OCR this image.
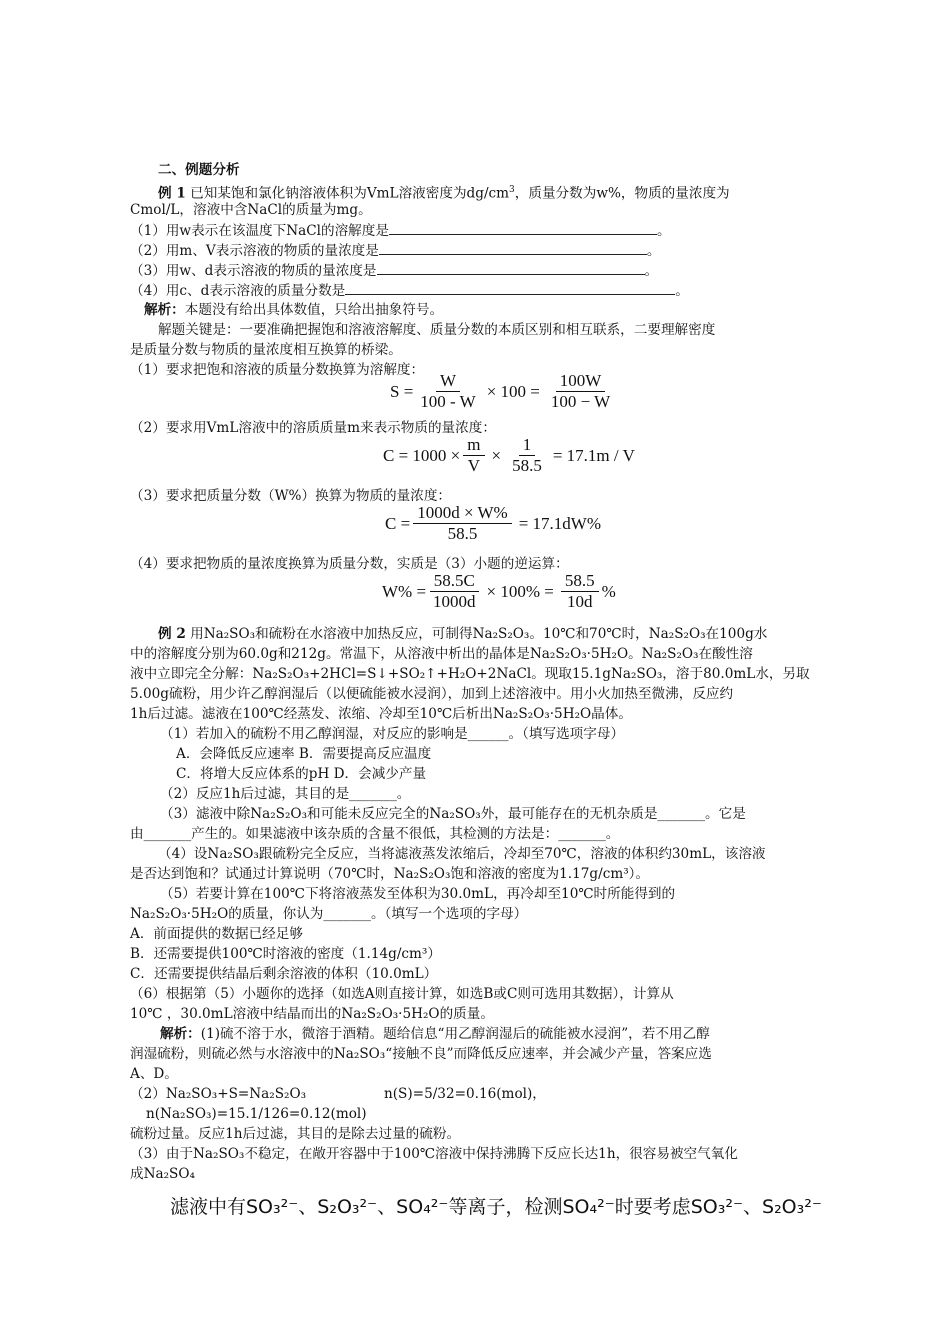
二、例题分析
例 1 已知某饱和氯化钠溶液体积为VmL溶液密度为$dg/cm^3$，质量分数为w%，物质的量浓度为
Cmol/L，溶液中含NaCl的质量为mg。
（1）用w表示在该温度下NaCl的溶解度是	。
（2）用m、V表示溶液的物质的量浓度是	。
（3）用w、d表示溶液的物质的量浓度是	。
（4）用c、d表示溶液的质量分数是	。
解析：本题没有给出具体数值，只给出抽象符号。
解题关键是：一要准确把握饱和溶液溶解度、质量分数的本质区别和相互联系，二要理解密度
是质量分数与物质的量浓度相互换算的桥梁。
（1）要求把饱和溶液的质量分数换算为溶解度：
$S = \frac{W}{100 - W} \times 100 = \frac{100W}{100 - W}$
（2）要求用VmL溶液中的溶质质量m来表示物质的量浓度：
$C = 1000 \times \frac{m}{V} \times \frac{1}{58.5} = 17.1m / V$
（3）要求把质量分数（W%）换算为物质的量浓度：
$C = \frac{1000d \times W\%}{58.5} = 17.1dW\%$
（4）要求把物质的量浓度换算为质量分数，实质是（3）小题的逆运算：
$W\% = \frac{58.5C}{1000d} \times 100\% = \frac{58.5}{10d}$ %
例 2 用Na₂SO₃和硫粉在水溶液中加热反应，可制得Na₂S₂O₃。10℃和70℃时，Na₂S₂O₃在100g水
中的溶解度分别为60.0g和212g。常温下，从溶液中析出的晶体是Na₂S₂O₃·5H₂O。Na₂S₂O₃在酸性溶
液中立即完全分解：Na₂S₂O₃+2HCl=S↓+SO₂↑+H₂O+2NaCl。现取15.1gNa₂SO₃，溶于80.0mL水，另取
5.00g硫粉，用少许乙醇润湿后（以便硫能被水浸润），加到上述溶液中。用小火加热至微沸，反应约
1h后过滤。滤液在100℃经蒸发、浓缩、冷却至10℃后析出Na₂S₂O₃·5H₂O晶体。
（1）若加入的硫粉不用乙醇润湿，对反应的影响是______。（填写选项字母）
A．会降低反应速率 B．需要提高反应温度
C．将增大反应体系的pH D．会减少产量
（2）反应1h后过滤，其目的是_______。
（3）滤液中除Na₂S₂O₃和可能未反应完全的Na₂SO₃外，最可能存在的无机杂质是_______。它是
由_______产生的。如果滤液中该杂质的含量不很低，其检测的方法是：_______。
（4）设Na₂SO₃跟硫粉完全反应，当将滤液蒸发浓缩后，冷却至70℃，溶液的体积约30mL，该溶液
是否达到饱和？试通过计算说明（70℃时，Na₂S₂O₃饱和溶液的密度为1.17g/cm³）。
（5）若要计算在100℃下将溶液蒸发至体积为30.0mL，再冷却至10℃时所能得到的
Na₂S₂O₃·5H₂O的质量，你认为_______。（填写一个选项的字母）
A．前面提供的数据已经足够
B．还需要提供100℃时溶液的密度（1.14g/cm³）
C．还需要提供结晶后剩余溶液的体积（10.0mL）
（6）根据第（5）小题你的选择（如选A则直接计算，如选B或C则可选用其数据），计算从
10℃ ，30.0mL溶液中结晶而出的Na₂S₂O₃·5H₂O的质量。
解析：(1)硫不溶于水，微溶于酒精。题给信息“用乙醇润湿后的硫能被水浸润”，若不用乙醇
润湿硫粉，则硫必然与水溶液中的Na₂SO₃“接触不良”而降低反应速率，并会减少产量，答案应选
A、D。
（2）Na₂SO₃+S=Na₂S₂O₃	n(S)=5/32=0.16(mol)，
n(Na₂SO₃)=15.1/126=0.12(mol)
硫粉过量。反应1h后过滤，其目的是除去过量的硫粉。
（3）由于Na₂SO₃不稳定，在敞开容器中于100℃溶液中保持沸腾下反应长达1h，很容易被空气氧化
成Na₂SO₄
滤液中有SO₃²⁻、S₂O₃²⁻、SO₄²⁻等离子，检测SO₄²⁻时要考虑SO₃²⁻、S₂O₃²⁻
